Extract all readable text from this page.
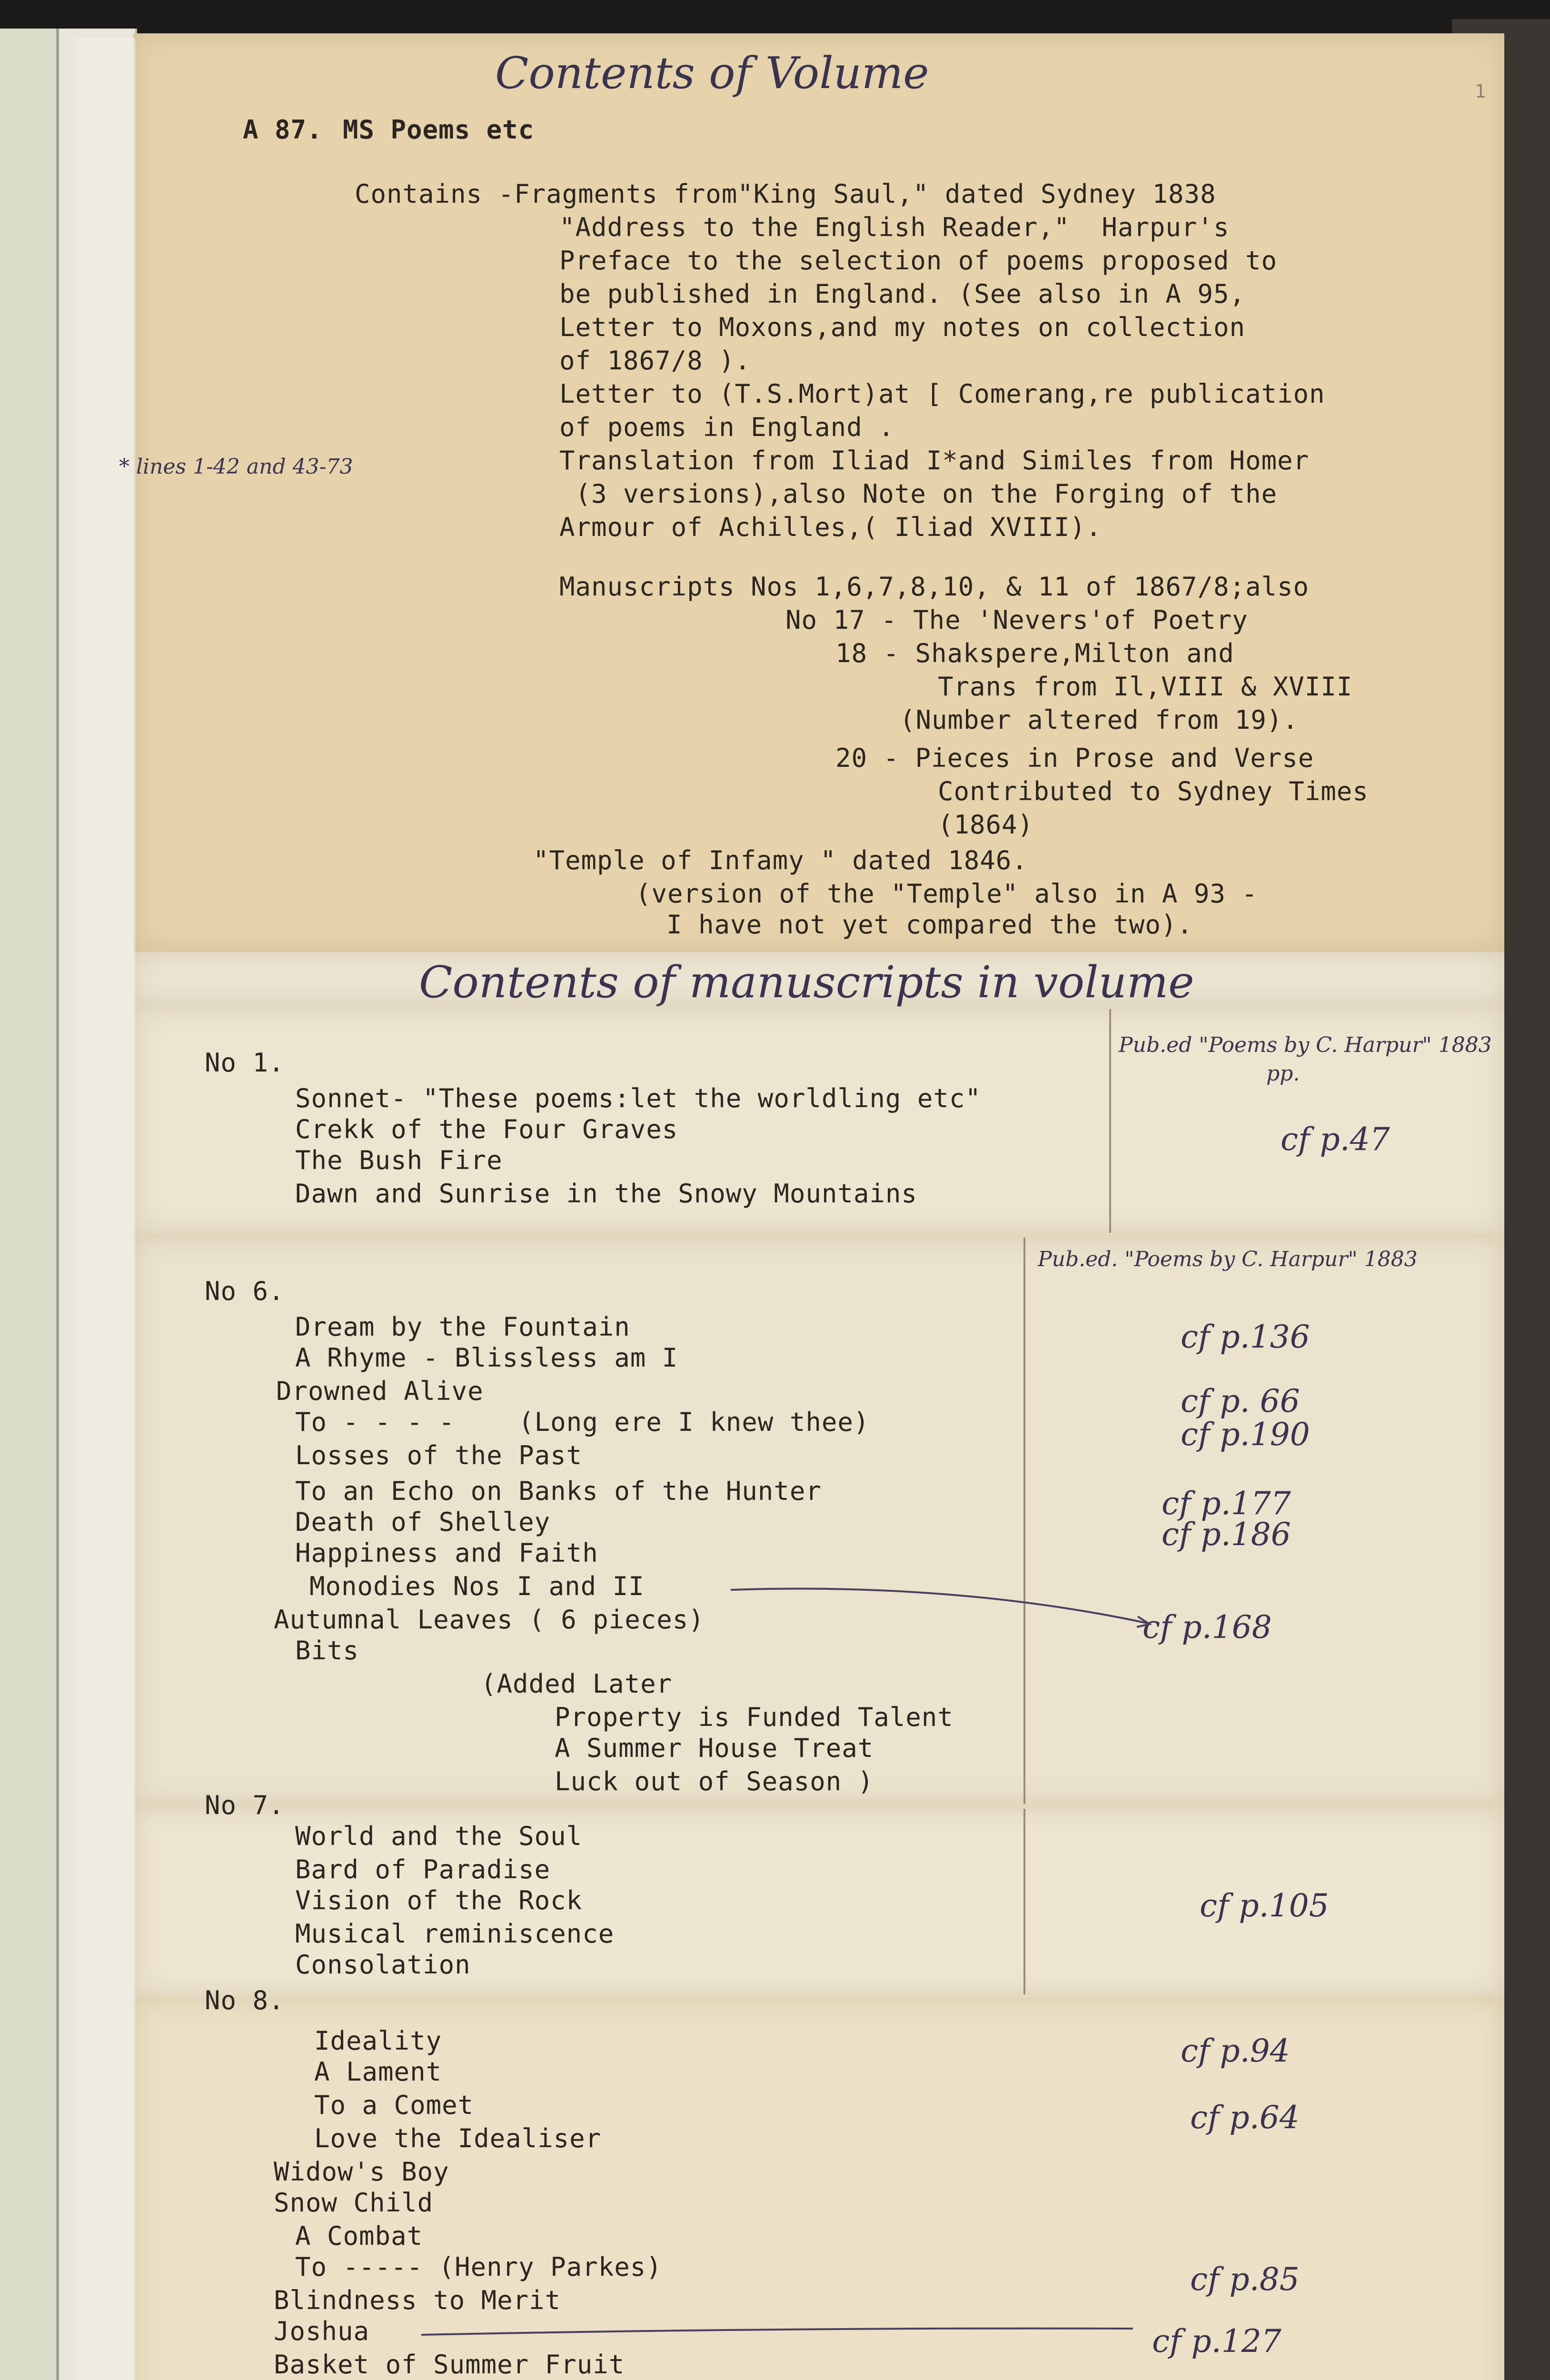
Contents of Volume	1
A 87. MS Poems etc
Contains -Fragments from"King Saul," dated Sydney 1838
"Address to the English Reader,"  Harpur's
Preface to the selection of poems proposed to
be published in England. (See also in A 95,
Letter to Moxons,and my notes on collection
of 1867/8 ).
Letter to (T.S.Mort)at [ Comerang,re publication
of poems in England .
Translation from Iliad I*and Similes from Homer
(3 versions),also Note on the Forging of the
Armour of Achilles,( Iliad XVIII).
* lines 1-42 and 43-73
Manuscripts Nos 1,6,7,8,10, & 11 of 1867/8;also
No 17 - The 'Nevers'of Poetry
18 - Shakspere,Milton and
Trans from Il,VIII & XVIII
(Number altered from 19).
20 - Pieces in Prose and Verse
Contributed to Sydney Times
(1864)
"Temple of Infamy " dated 1846.
(version of the "Temple" also in A 93 -
I have not yet compared the two).
Contents of manuscripts in volume
No 1.
Sonnet- "These poems:let the worldling etc"
Crekk of the Four Graves
The Bush Fire
Dawn and Sunrise in the Snowy Mountains
Pub.ed "Poems by C. Harpur" 1883
pp.
cf p.47
Pub.ed. "Poems by C. Harpur" 1883
No 6.
Dream by the Fountain
A Rhyme - Blissless am I
Drowned Alive
To - - - -    (Long ere I knew thee)
Losses of the Past
To an Echo on Banks of the Hunter
Death of Shelley
Happiness and Faith
Monodies Nos I and II
Autumnal Leaves ( 6 pieces)
Bits
(Added Later
Property is Funded Talent
A Summer House Treat
Luck out of Season )
cf p.136
cf p. 66
cf p.190
cf p.177
cf p.186
cf p.168
No 7.
World and the Soul
Bard of Paradise
Vision of the Rock
Musical reminiscence
Consolation
cf p.105
No 8.
Ideality
A Lament
To a Comet
Love the Idealiser
Widow's Boy
Snow Child
A Combat
To ----- (Henry Parkes)
Blindness to Merit
Joshua
Basket of Summer Fruit
cf p.94
cf p.64
cf p.85
cf p.127
